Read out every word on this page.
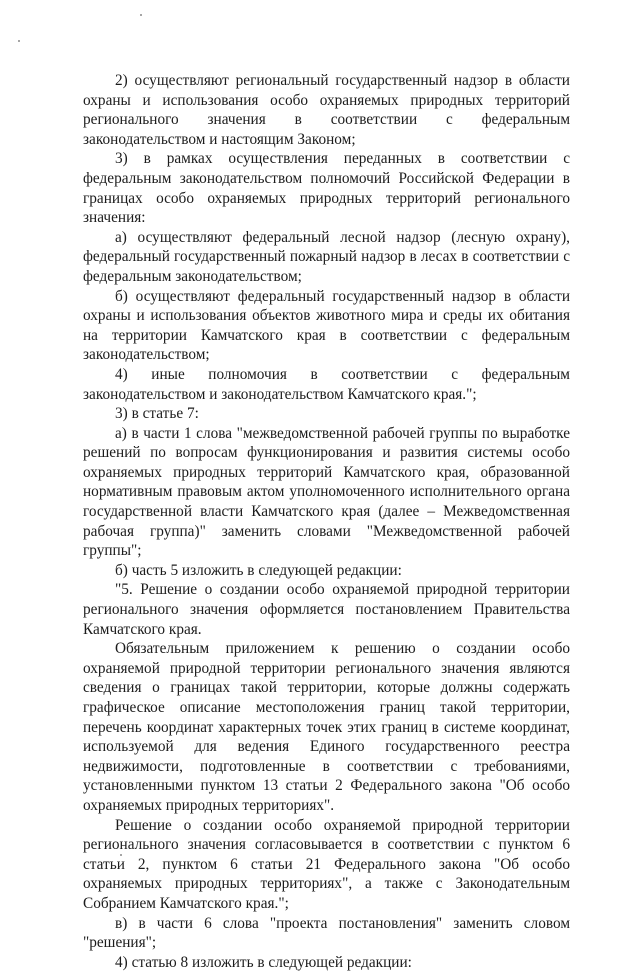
2) осуществляют региональный государственный надзор в области охраны и использования особо охраняемых природных территорий регионального значения в соответствии с федеральным законодательством и настоящим Законом;

3) в рамках осуществления переданных в соответствии с федеральным законодательством полномочий Российской Федерации в границах особо охраняемых природных территорий регионального значения:

а) осуществляют федеральный лесной надзор (лесную охрану), федеральный государственный пожарный надзор в лесах в соответствии с федеральным законодательством;

б) осуществляют федеральный государственный надзор в области охраны и использования объектов животного мира и среды их обитания на территории Камчатского края в соответствии с федеральным законодательством;

4) иные полномочия в соответствии с федеральным законодательством и законодательством Камчатского края.";

3) в статье 7:

а) в части 1 слова "межведомственной рабочей группы по выработке решений по вопросам функционирования и развития системы особо охраняемых природных территорий Камчатского края, образованной нормативным правовым актом уполномоченного исполнительного органа государственной власти Камчатского края (далее – Межведомственная рабочая группа)" заменить словами "Межведомственной рабочей группы";

б) часть 5 изложить в следующей редакции:

"5. Решение о создании особо охраняемой природной территории регионального значения оформляется постановлением Правительства Камчатского края.

Обязательным приложением к решению о создании особо охраняемой природной территории регионального значения являются сведения о границах такой территории, которые должны содержать графическое описание местоположения границ такой территории, перечень координат характерных точек этих границ в системе координат, используемой для ведения Единого государственного реестра недвижимости, подготовленные в соответствии с требованиями, установленными пунктом 13 статьи 2 Федерального закона "Об особо охраняемых природных территориях".

Решение о создании особо охраняемой природной территории регионального значения согласовывается в соответствии с пунктом 6 статьи 2, пунктом 6 статьи 21 Федерального закона "Об особо охраняемых природных территориях", а также с Законодательным Собранием Камчатского края.";

в) в части 6 слова "проекта постановления" заменить словом "решения";

4) статью 8 изложить в следующей редакции:
